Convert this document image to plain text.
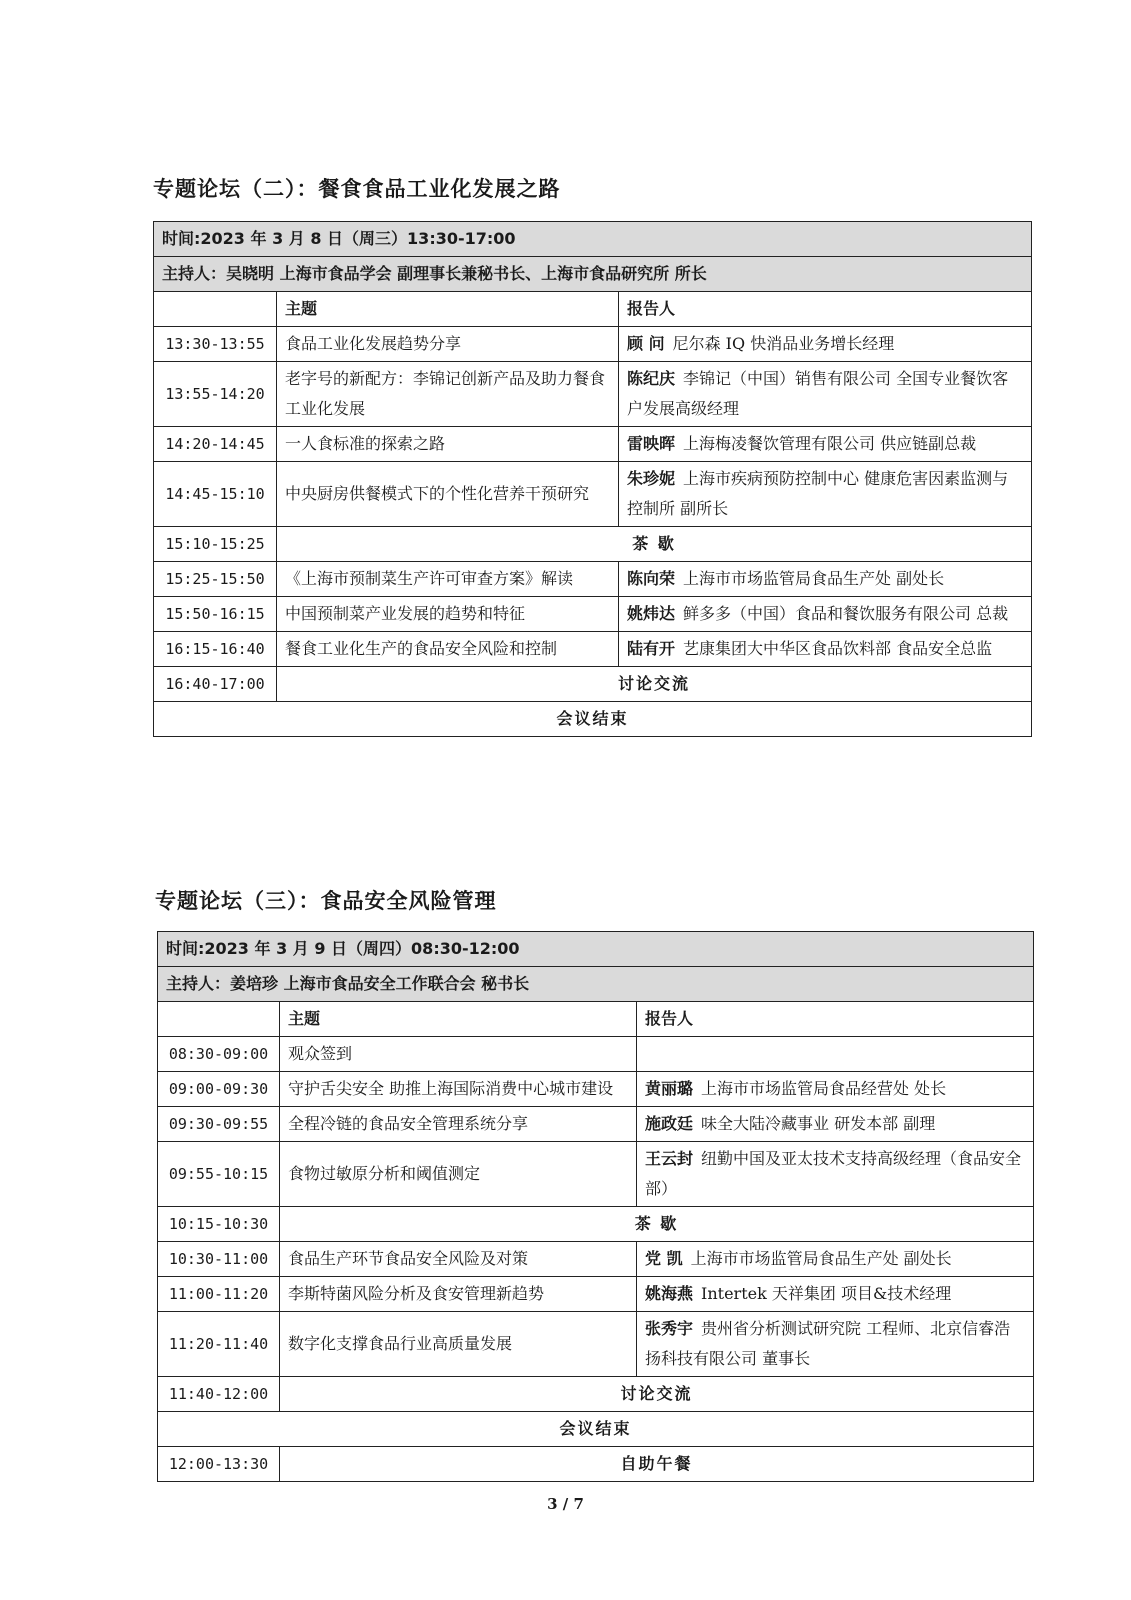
专题论坛（二）：餐食食品工业化发展之路
时间:2023 年 3 月 8 日（周三）13:30-17:00		
主持人：吴晓明 上海市食品学会 副理事长兼秘书长、上海市食品研究所 所长		
	主题	报告人
13:30-13:55	食品工业化发展趋势分享	顾 问 尼尔森 IQ 快消品业务增长经理
13:55-14:20	老字号的新配方：李锦记创新产品及助力餐食工业化发展	陈纪庆 李锦记（中国）销售有限公司 全国专业餐饮客户发展高级经理
14:20-14:45	一人食标准的探索之路	雷映晖 上海梅凌餐饮管理有限公司 供应链副总裁
14:45-15:10	中央厨房供餐模式下的个性化营养干预研究	朱珍妮 上海市疾病预防控制中心 健康危害因素监测与控制所 副所长
15:10-15:25	茶 歇	
15:25-15:50	《上海市预制菜生产许可审查方案》解读	陈向荣 上海市市场监管局食品生产处 副处长
15:50-16:15	中国预制菜产业发展的趋势和特征	姚炜达 鲜多多（中国）食品和餐饮服务有限公司 总裁
16:15-16:40	餐食工业化生产的食品安全风险和控制	陆有开 艺康集团大中华区食品饮料部 食品安全总监
16:40-17:00	讨论交流	
会议结束		
专题论坛（三）：食品安全风险管理
时间:2023 年 3 月 9 日（周四）08:30-12:00		
主持人：姜培珍 上海市食品安全工作联合会 秘书长		
	主题	报告人
08:30-09:00	观众签到	
09:00-09:30	守护舌尖安全 助推上海国际消费中心城市建设	黄丽璐 上海市市场监管局食品经营处 处长
09:30-09:55	全程冷链的食品安全管理系统分享	施政廷 味全大陆冷藏事业 研发本部 副理
09:55-10:15	食物过敏原分析和阈值测定	王云封 纽勤中国及亚太技术支持高级经理（食品安全部）
10:15-10:30	茶 歇	
10:30-11:00	食品生产环节食品安全风险及对策	党 凯 上海市市场监管局食品生产处 副处长
11:00-11:20	李斯特菌风险分析及食安管理新趋势	姚海燕 Intertek 天祥集团 项目&技术经理
11:20-11:40	数字化支撑食品行业高质量发展	张秀宇 贵州省分析测试研究院 工程师、北京信睿浩扬科技有限公司 董事长
11:40-12:00	讨论交流	
会议结束		
12:00-13:30	自助午餐	
3 / 7
